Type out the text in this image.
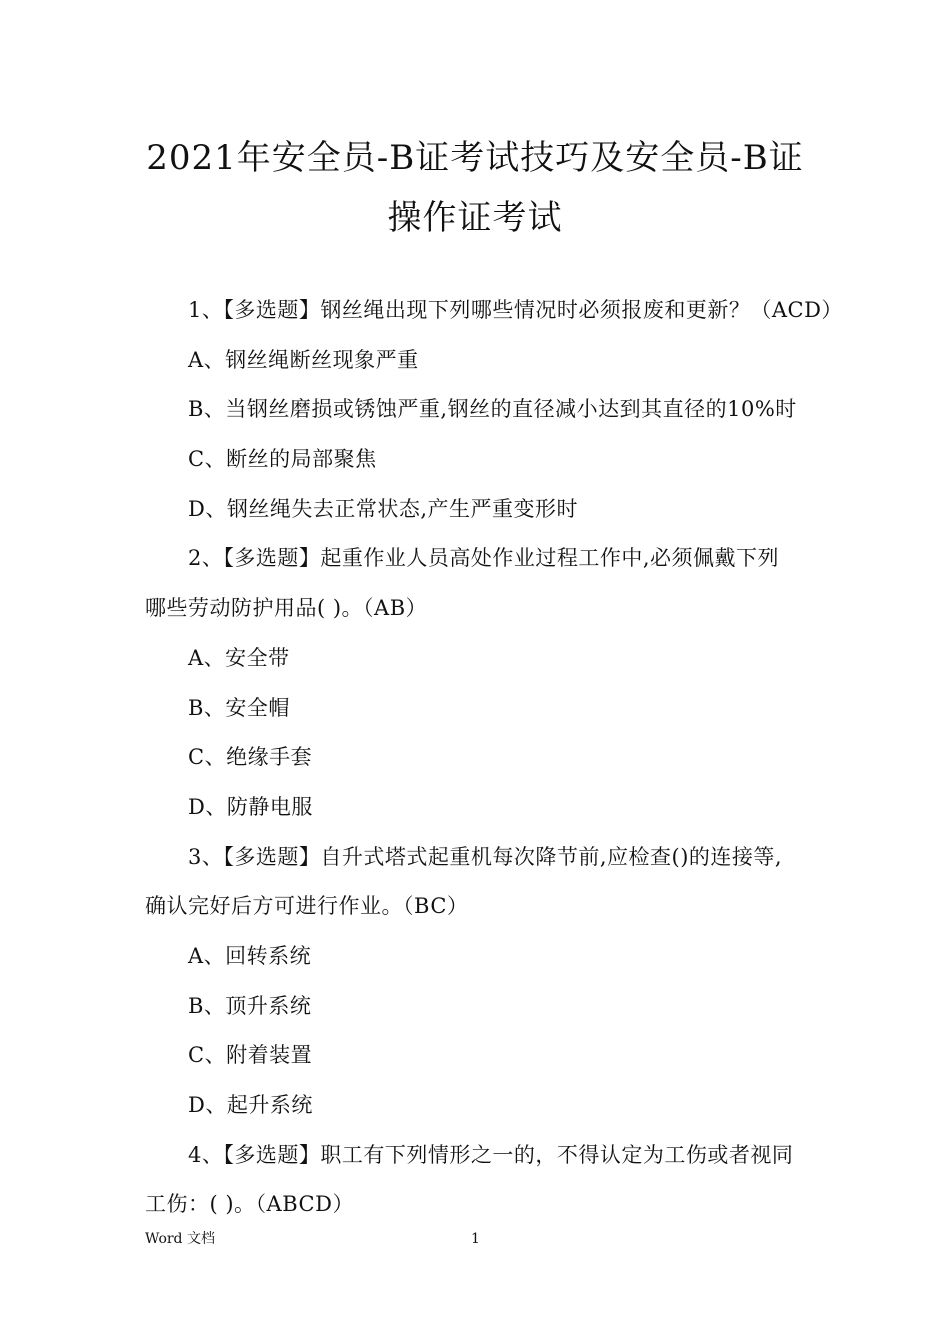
2021年安全员-B证考试技巧及安全员-B证
操作证考试
1、【多选题】钢丝绳出现下列哪些情况时必须报废和更新？（ACD）
A、钢丝绳断丝现象严重
B、当钢丝磨损或锈蚀严重,钢丝的直径减小达到其直径的10%时
C、断丝的局部聚焦
D、钢丝绳失去正常状态,产生严重变形时
2、【多选题】起重作业人员高处作业过程工作中,必须佩戴下列
哪些劳动防护用品( )。（AB）
A、安全带
B、安全帽
C、绝缘手套
D、防静电服
3、【多选题】自升式塔式起重机每次降节前,应检查()的连接等,
确认完好后方可进行作业。（BC）
A、回转系统
B、顶升系统
C、附着装置
D、起升系统
4、【多选题】职工有下列情形之一的，不得认定为工伤或者视同
工伤：( )。（ABCD）
Word 文档	1
